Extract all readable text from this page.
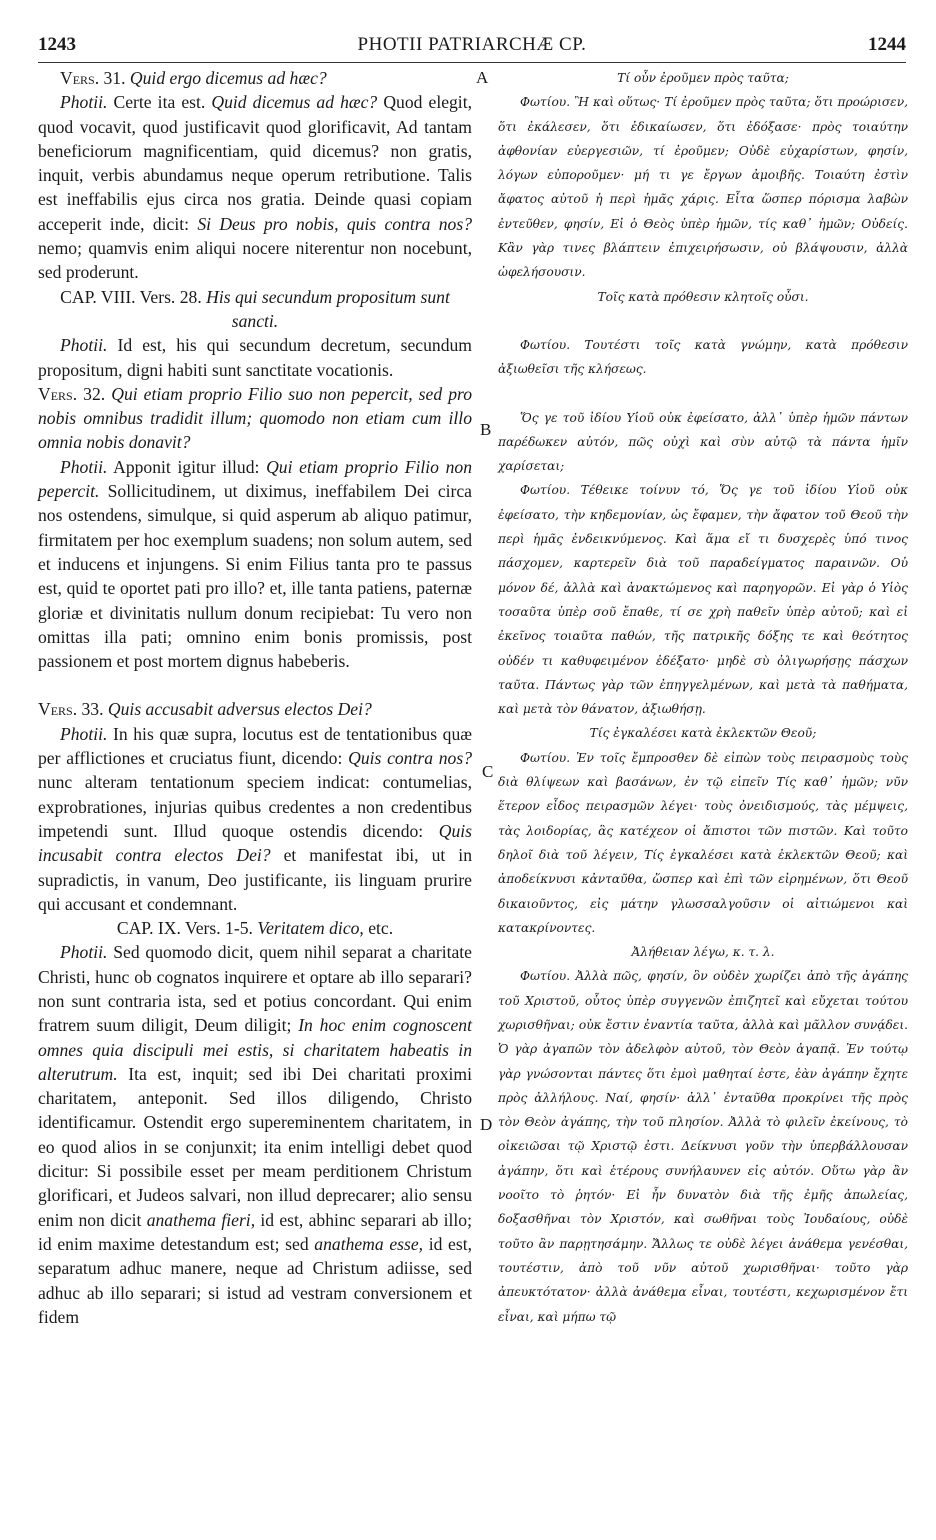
1243	PHOTII PATRIARCHÆ CP.	1244
A
B
C
D

Vers. 31. Quid ergo dicemus ad hæc?

Photii. Certe ita est. Quid dicemus ad hæc? Quod elegit, quod vocavit, quod justificavit quod glorificavit, Ad tantam beneficiorum magnificentiam, quid dicemus? non gratis, inquit, verbis abundamus neque operum retributione. Talis est ineffabilis ejus circa nos gratia. Deinde quasi copiam acceperit inde, dicit: Si Deus pro nobis, quis contra nos? nemo; quamvis enim aliqui nocere niterentur non nocebunt, sed proderunt.

CAP. VIII. Vers. 28. His qui secundum propositum sunt sancti.

Photii. Id est, his qui secundum decretum, secundum propositum, digni habiti sunt sanctitate vocationis.

Vers. 32. Qui etiam proprio Filio suo non pepercit, sed pro nobis omnibus tradidit illum; quomodo non etiam cum illo omnia nobis donavit?

Photii. Apponit igitur illud: Qui etiam proprio Filio non pepercit. Sollicitudinem, ut diximus, ineffabilem Dei circa nos ostendens, simulque, si quid asperum ab aliquo patimur, firmitatem per hoc exemplum suadens; non solum autem, sed et inducens et injungens. Si enim Filius tanta pro te passus est, quid te oportet pati pro illo? et, ille tanta patiens, paternæ gloriæ et divinitatis nullum donum recipiebat: Tu vero non omittas illa pati; omnino enim bonis promissis, post passionem et post mortem dignus habeberis.

Vers. 33. Quis accusabit adversus electos Dei?

Photii. In his quæ supra, locutus est de tentationibus quæ per afflictiones et cruciatus fiunt, dicendo: Quis contra nos? nunc alteram tentationum speciem indicat: contumelias, exprobrationes, injurias quibus credentes a non credentibus impetendi sunt. Illud quoque ostendis dicendo: Quis incusabit contra electos Dei? et manifestat ibi, ut in supradictis, in vanum, Deo justificante, iis linguam prurire qui accusant et condemnant.

CAP. IX. Vers. 1-5. Veritatem dico, etc.

Photii. Sed quomodo dicit, quem nihil separat a charitate Christi, hunc ob cognatos inquirere et optare ab illo separari? non sunt contraria ista, sed et potius concordant. Qui enim fratrem suum diligit, Deum diligit; In hoc enim cognoscent omnes quia discipuli mei estis, si charitatem habeatis in alterutrum. Ita est, inquit; sed ibi Dei charitati proximi charitatem, anteponit. Sed illos diligendo, Christo identificamur. Ostendit ergo supereminentem charitatem, in eo quod alios in se conjunxit; ita enim intelligi debet quod dicitur: Si possibile esset per meam perditionem Christum glorificari, et Judeos salvari, non illud deprecarer; alio sensu enim non dicit anathema fieri, id est, abhinc separari ab illo; id enim maxime detestandum est; sed anathema esse, id est, separatum adhuc manere, neque ad Christum adiisse, sed adhuc ab illo separari; si istud ad vestram conversionem et fidem

Τί οὖν ἐροῦμεν πρὸς ταῦτα;

Φωτίου. Ἢ καὶ οὕτως· Τί ἐροῦμεν πρὸς ταῦτα; ὅτι προώρισεν, ὅτι ἐκάλεσεν, ὅτι ἐδικαίωσεν, ὅτι ἐδόξασε· πρὸς τοιαύτην ἀφθονίαν εὐεργεσιῶν, τί ἐροῦμεν; Οὐδὲ εὐχαρίστων, φησίν, λόγων εὐποροῦμεν· μή τι γε ἔργων ἀμοιβῆς. Τοιαύτη ἐστὶν ἄφατος αὐτοῦ ἡ περὶ ἡμᾶς χάρις. Εἶτα ὥσπερ πόρισμα λαβὼν ἐντεῦθεν, φησίν, Εἰ ὁ Θεὸς ὑπὲρ ἡμῶν, τίς καθ᾽ ἡμῶν; Οὐδείς. Κἂν γὰρ τινες βλάπτειν ἐπιχειρήσωσιν, οὐ βλάψουσιν, ἀλλὰ ὠφελήσουσιν.

Τοῖς κατὰ πρόθεσιν κλητοῖς οὖσι.

Φωτίου. Τουτέστι τοῖς κατὰ γνώμην, κατὰ πρόθεσιν ἀξιωθεῖσι τῆς κλήσεως.

Ὅς γε τοῦ ἰδίου Υἱοῦ οὐκ ἐφείσατο, ἀλλ᾽ ὑπὲρ ἡμῶν πάντων παρέδωκεν αὐτόν, πῶς οὐχὶ καὶ σὺν αὐτῷ τὰ πάντα ἡμῖν χαρίσεται;

Φωτίου. Τέθεικε τοίνυν τό, Ὅς γε τοῦ ἰδίου Υἱοῦ οὐκ ἐφείσατο, τὴν κηδεμονίαν, ὡς ἔφαμεν, τὴν ἄφατον τοῦ Θεοῦ τὴν περὶ ἡμᾶς ἐνδεικνύμενος. Καὶ ἅμα εἴ τι δυσχερὲς ὑπό τινος πάσχομεν, καρτερεῖν διὰ τοῦ παραδείγματος παραινῶν. Οὐ μόνον δέ, ἀλλὰ καὶ ἀνακτώμενος καὶ παρηγορῶν. Εἰ γὰρ ὁ Υἱὸς τοσαῦτα ὑπὲρ σοῦ ἔπαθε, τί σε χρὴ παθεῖν ὑπὲρ αὐτοῦ; καὶ εἰ ἐκεῖνος τοιαῦτα παθών, τῆς πατρικῆς δόξης τε καὶ θεότητος οὐδέν τι καθυφειμένον ἐδέξατο· μηδὲ σὺ ὀλιγωρήσῃς πάσχων ταῦτα. Πάντως γὰρ τῶν ἐπηγγελμένων, καὶ μετὰ τὰ παθήματα, καὶ μετὰ τὸν θάνατον, ἀξιωθήσῃ.

Τίς ἐγκαλέσει κατὰ ἐκλεκτῶν Θεοῦ;

Φωτίου. Ἐν τοῖς ἔμπροσθεν δὲ εἰπὼν τοὺς πειρασμοὺς τοὺς διὰ θλίψεων καὶ βασάνων, ἐν τῷ εἰπεῖν Τίς καθ᾽ ἡμῶν; νῦν ἕτερον εἶδος πειρασμῶν λέγει· τοὺς ὀνειδισμούς, τὰς μέμψεις, τὰς λοιδορίας, ἃς κατέχεον οἱ ἄπιστοι τῶν πιστῶν. Καὶ τοῦτο δηλοῖ διὰ τοῦ λέγειν, Τίς ἐγκαλέσει κατὰ ἐκλεκτῶν Θεοῦ; καὶ ἀποδείκνυσι κἀνταῦθα, ὥσπερ καὶ ἐπὶ τῶν εἰρημένων, ὅτι Θεοῦ δικαιοῦντος, εἰς μάτην γλωσσαλγοῦσιν οἱ αἰτιώμενοι καὶ κατακρίνοντες.

Ἀλήθειαν λέγω, κ. τ. λ.

Φωτίου. Ἀλλὰ πῶς, φησίν, ὃν οὐδὲν χωρίζει ἀπὸ τῆς ἀγάπης τοῦ Χριστοῦ, οὗτος ὑπὲρ συγγενῶν ἐπιζητεῖ καὶ εὔχεται τούτου χωρισθῆναι; οὐκ ἔστιν ἐναντία ταῦτα, ἀλλὰ καὶ μᾶλλον συνᾴδει. Ὁ γὰρ ἀγαπῶν τὸν ἀδελφὸν αὐτοῦ, τὸν Θεὸν ἀγαπᾷ. Ἐν τούτῳ γὰρ γνώσονται πάντες ὅτι ἐμοὶ μαθηταί ἐστε, ἐὰν ἀγάπην ἔχητε πρὸς ἀλλήλους. Ναί, φησίν· ἀλλ᾽ ἐνταῦθα προκρίνει τῆς πρὸς τὸν Θεὸν ἀγάπης, τὴν τοῦ πλησίον. Ἀλλὰ τὸ φιλεῖν ἐκείνους, τὸ οἰκειῶσαι τῷ Χριστῷ ἐστι. Δείκνυσι γοῦν τὴν ὑπερβάλλουσαν ἀγάπην, ὅτι καὶ ἑτέρους συνήλαυνεν εἰς αὐτόν. Οὕτω γὰρ ἂν νοοῖτο τὸ ῥητόν· Εἰ ἦν δυνατὸν διὰ τῆς ἐμῆς ἀπωλείας, δοξασθῆναι τὸν Χριστόν, καὶ σωθῆναι τοὺς Ἰουδαίους, οὐδὲ τοῦτο ἂν παρῃτησάμην. Ἄλλως τε οὐδὲ λέγει ἀνάθεμα γενέσθαι, τουτέστιν, ἀπὸ τοῦ νῦν αὐτοῦ χωρισθῆναι· τοῦτο γὰρ ἀπευκτότατον· ἀλλὰ ἀνάθεμα εἶναι, τουτέστι, κεχωρισμένον ἔτι εἶναι, καὶ μήπω τῷ
